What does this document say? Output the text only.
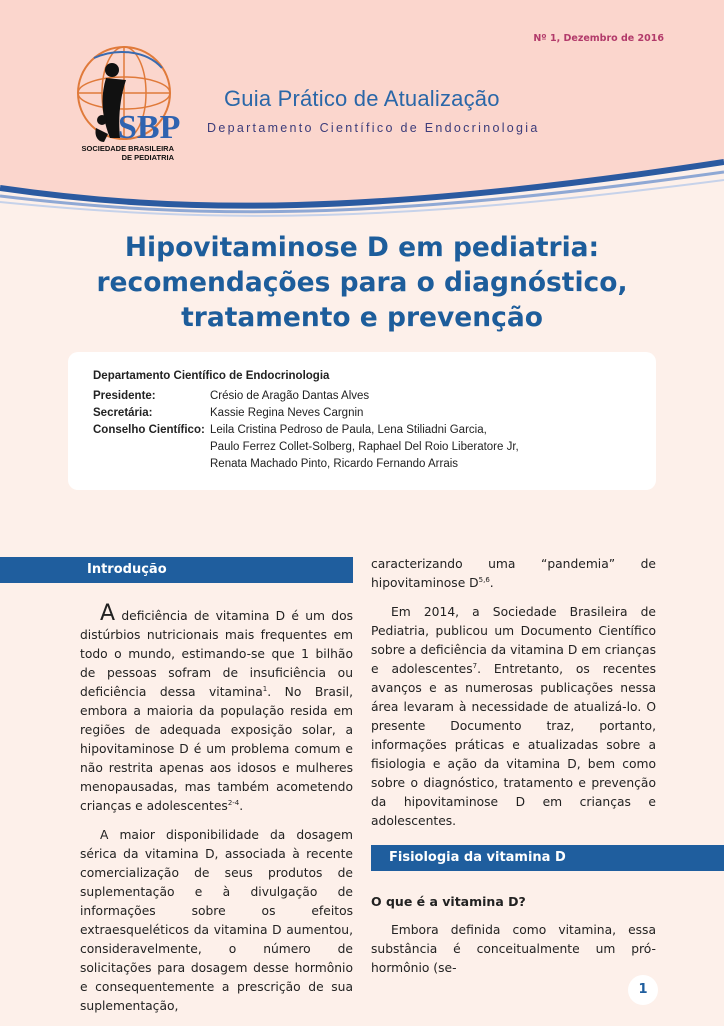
Nº 1, Dezembro de 2016
SBP
SOCIEDADE BRASILEIRA
DE PEDIATRIA
Guia Prático de Atualização
Departamento Científico de Endocrinologia
Hipovitaminose D em pediatria:
recomendações para o diagnóstico,
tratamento e prevenção
Departamento Científico de Endocrinologia
Presidente:	Crésio de Aragão Dantas Alves
Secretária:	Kassie Regina Neves Cargnin
Conselho Científico: Leila Cristina Pedroso de Paula, Lena Stiliadni Garcia,
Paulo Ferrez Collet-Solberg, Raphael Del Roio Liberatore Jr,
Renata Machado Pinto, Ricardo Fernando Arrais
Introdução

A deficiência de vitamina D é um dos distúrbios nutricionais mais frequentes em todo o mundo, estimando-se que 1 bilhão de pessoas sofram de insuficiência ou deficiência dessa vitamina$^1$. No Brasil, embora a maioria da população resida em regiões de adequada exposição solar, a hipovitaminose D é um problema comum e não restrita apenas aos idosos e mulheres menopausadas, mas também acometendo crianças e adolescentes$^{2-4}$.

A maior disponibilidade da dosagem sérica da vitamina D, associada à recente comercialização de seus produtos de suplementação e à divulgação de informações sobre os efeitos extraesqueléticos da vitamina D aumentou, consideravelmente, o número de solicitações para dosagem desse hormônio e consequentemente a prescrição de sua suplementação,

caracterizando uma “pandemia” de hipovitaminose D$^{5,6}$.

Em 2014, a Sociedade Brasileira de Pediatria, publicou um Documento Científico sobre a deficiência da vitamina D em crianças e adolescentes$^7$. Entretanto, os recentes avanços e as numerosas publicações nessa área levaram à necessidade de atualizá-lo. O presente Documento traz, portanto, informações práticas e atualizadas sobre a fisiologia e ação da vitamina D, bem como sobre o diagnóstico, tratamento e prevenção da hipovitaminose D em crianças e adolescentes.

Fisiologia da vitamina D
O que é a vitamina D?

Embora definida como vitamina, essa substância é conceitualmente um pró-hormônio (se-

1
